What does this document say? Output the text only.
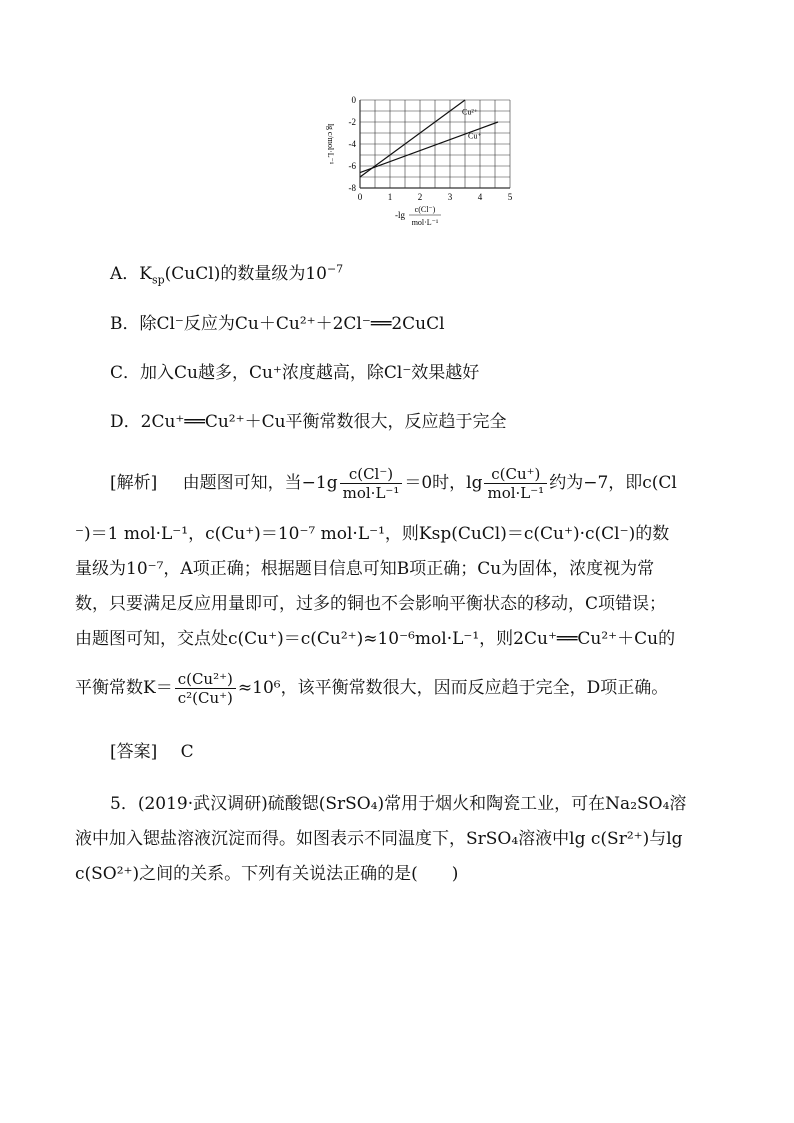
0	1	2	3	4	5
0
-2
-4
-6
-8
Cu²⁺
Cu⁺
lg c/mol·L⁻¹
-lg
c(Cl⁻)
mol·L⁻¹
A．$K_{sp}(CuCl)$的数量级为$10^{-7}$
B．除Cl⁻反应为Cu＋Cu²⁺＋2Cl⁻══2CuCl
C．加入Cu越多，Cu⁺浓度越高，除Cl⁻效果越好
D．2Cu⁺══Cu²⁺＋Cu平衡常数很大，反应趋于完全
[解析] 由题图可知，当$-1g \frac{c(Cl^-)}{\text{mol·L⁻¹}} =0$时，$\lg \frac{c(Cu^+)}{\text{mol·L⁻¹}}$ 约为−7，即c(Cl
⁻)＝1 mol·L⁻¹，c(Cu⁺)＝10⁻⁷ mol·L⁻¹，则Ksp(CuCl)＝c(Cu⁺)·c(Cl⁻)的数
量级为10⁻⁷，A项正确；根据题目信息可知B项正确；Cu为固体，浓度视为常
数，只要满足反应用量即可，过多的铜也不会影响平衡状态的移动，C项错误；
由题图可知，交点处c(Cu⁺)＝c(Cu²⁺)≈10⁻⁶mol·L⁻¹，则2Cu⁺══Cu²⁺＋Cu的
平衡常数$K= \frac{\text{c(Cu²⁺)}}{\text{c²(Cu⁺)}} \approx 10^6$，该平衡常数很大，因而反应趋于完全，D项正确。
[答案] C
5．(2019·武汉调研)硫酸锶(SrSO₄)常用于烟火和陶瓷工业，可在Na₂SO₄溶
液中加入锶盐溶液沉淀而得。如图表示不同温度下，SrSO₄溶液中lg c(Sr²⁺)与lg
c(SO²⁺)之间的关系。下列有关说法正确的是(　　)
